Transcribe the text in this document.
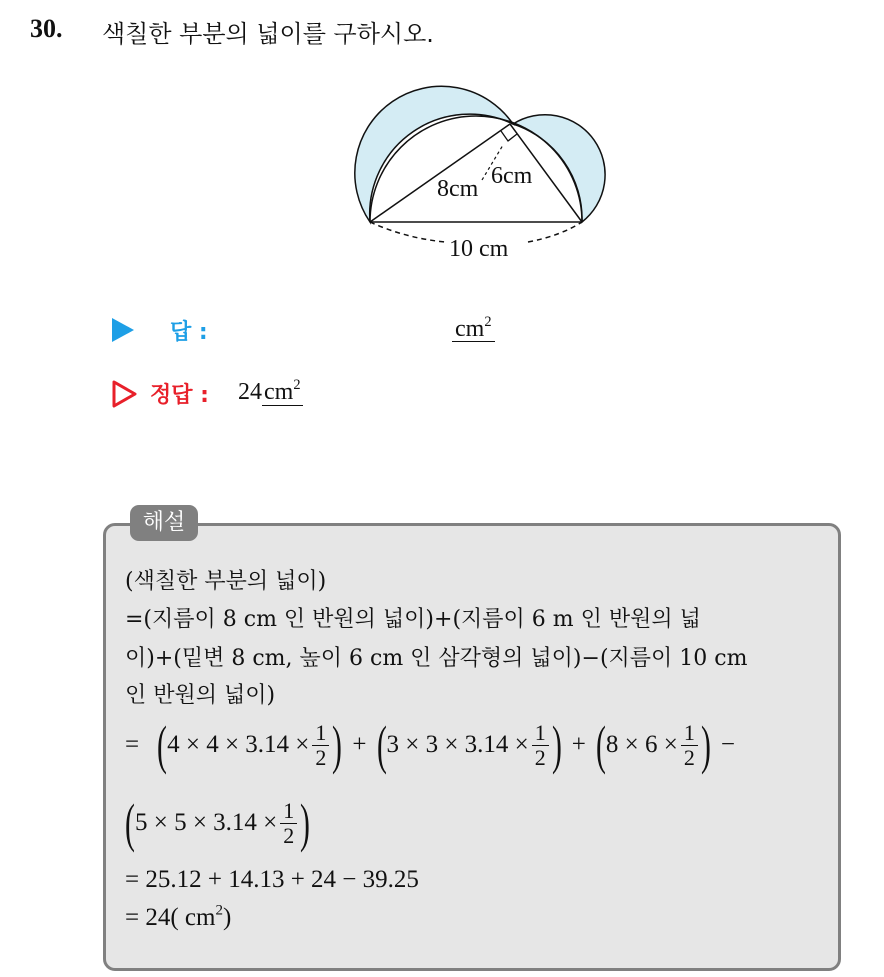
30. 색칠한 부분의 넓이를 구하시오.
8cm 6cm
10 cm
답 :	$cm^2$
정답 : $24cm^2$
해설
(색칠한 부분의 넓이)
=(지름이 8 cm 인 반원의 넓이)+(지름이 6 m 인 반원의 넓
이)+(밑변 8 cm, 높이 6 cm 인 삼각형의 넓이)−(지름이 10 cm
인 반원의 넓이)
= ( $4 \times 4 \times 3.14 \times \frac{1}{2}$ ) + ( $3 \times 3 \times 3.14 \times \frac{1}{2}$ ) + ( $8 \times 6 \times \frac{1}{2}$ ) −
( $5 \times 5 \times 3.14 \times \frac{1}{2}$ )
= 25.12 + 14.13 + 24 − 39.25
= 24( $cm^2$)
